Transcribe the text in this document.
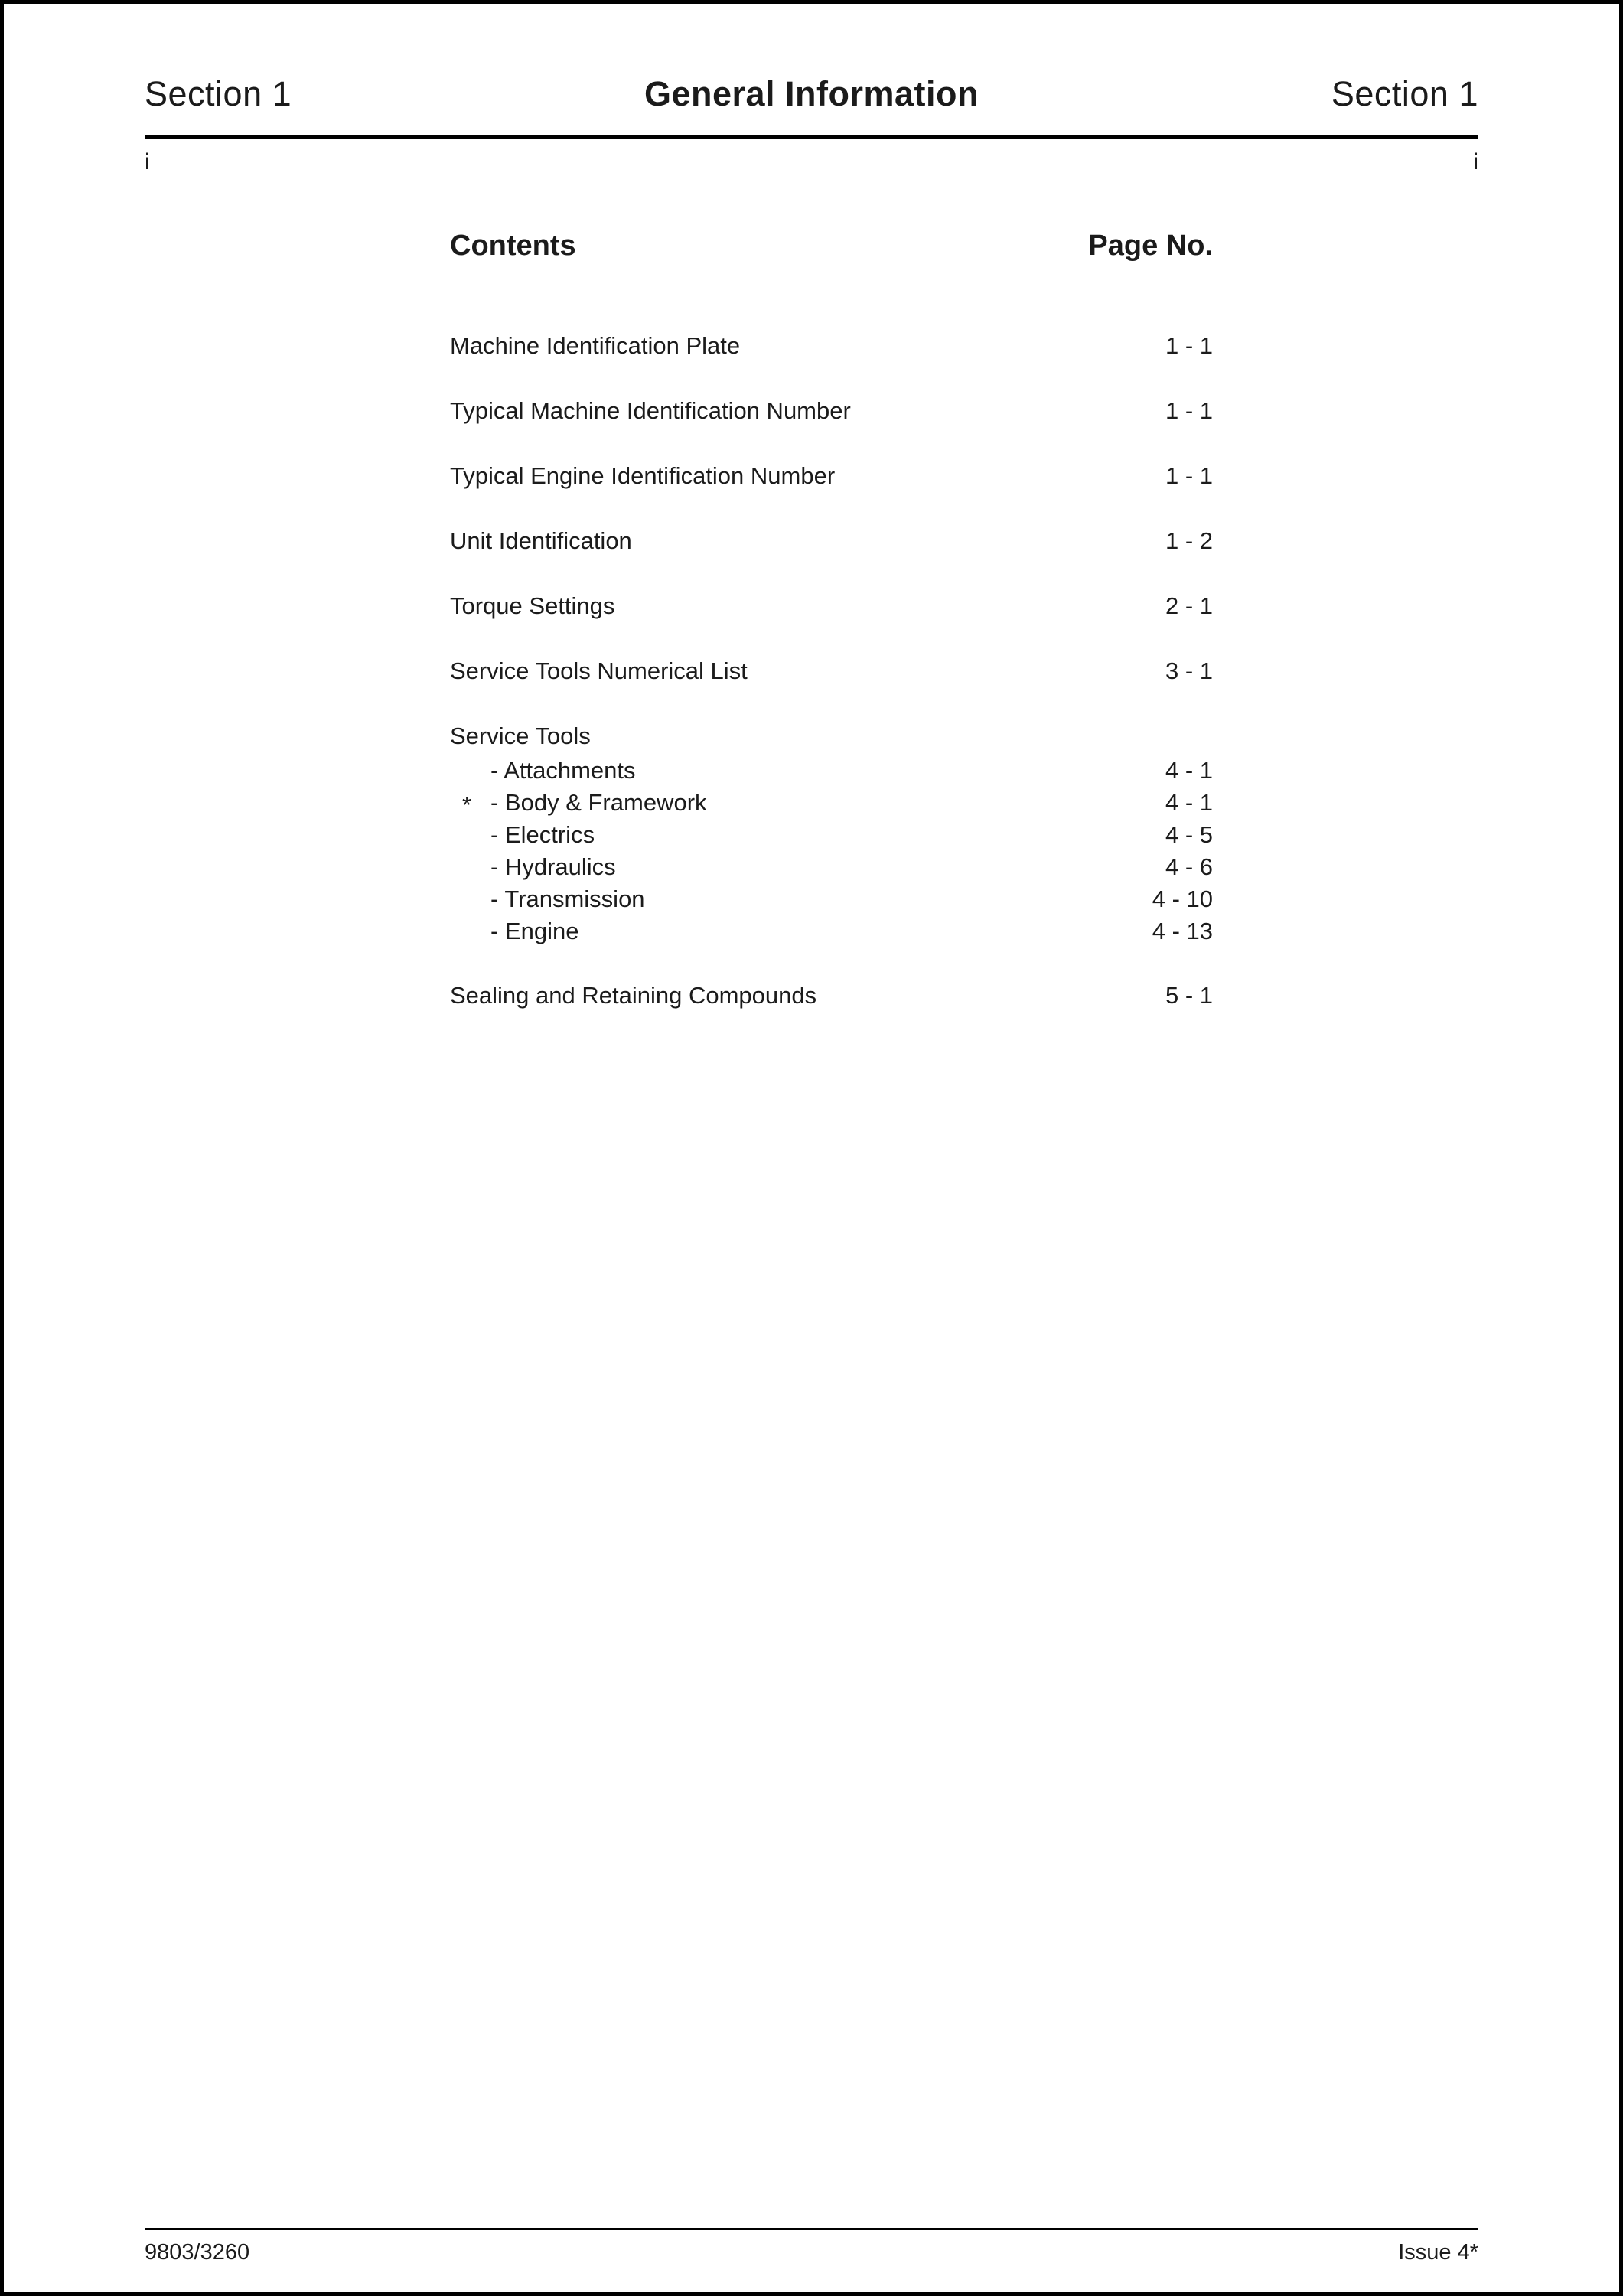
Section 1	General Information	Section 1
i	i
Contents	Page No.
Machine Identification Plate	1 - 1
Typical Machine Identification Number	1 - 1
Typical Engine Identification Number	1 - 1
Unit Identification	1 - 2
Torque Settings	2 - 1
Service Tools Numerical List	3 - 1
Service Tools
- Attachments	4 - 1
* - Body & Framework	4 - 1
- Electrics	4 - 5
- Hydraulics	4 - 6
- Transmission	4 - 10
- Engine	4 - 13
Sealing and Retaining Compounds	5 - 1
9803/3260	Issue 4*
